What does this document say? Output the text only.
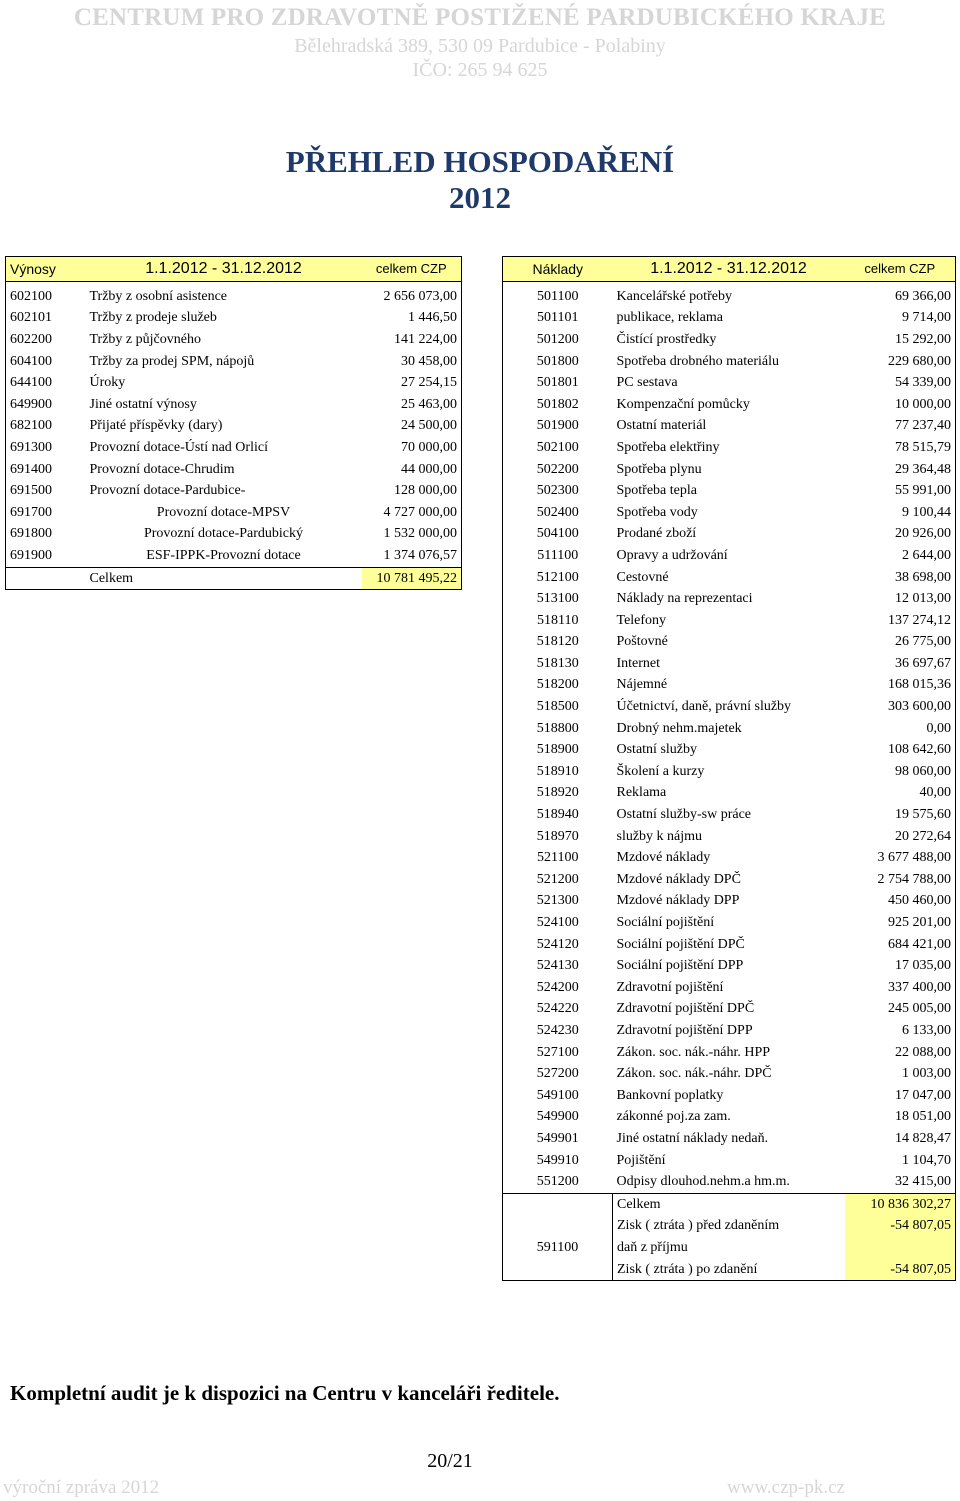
CENTRUM PRO ZDRAVOTNĚ POSTIŽENÉ PARDUBICKÉHO KRAJE
Bělehradská 389, 530 09 Pardubice - Polabiny
IČO: 265 94 625
PŘEHLED HOSPODAŘENÍ
2012
Výnosy	1.1.2012 - 31.12.2012	celkem CZP

602100	Tržby z osobní asistence	2 656 073,00
602101	Tržby z prodeje služeb	1 446,50
602200	Tržby z půjčovného	141 224,00
604100	Tržby za prodej SPM, nápojů	30 458,00
644100	Úroky	27 254,15
649900	Jiné ostatní výnosy	25 463,00
682100	Přijaté příspěvky (dary)	24 500,00
691300	Provozní dotace-Ústí nad Orlicí	70 000,00
691400	Provozní dotace-Chrudim	44 000,00
691500	Provozní dotace-Pardubice-	128 000,00
691700	Provozní dotace-MPSV	4 727 000,00
691800	Provozní dotace-Pardubický	1 532 000,00
691900	ESF-IPPK-Provozní dotace	1 374 076,57
	Celkem	10 781 495,22
Náklady	1.1.2012 - 31.12.2012	celkem CZP

501100	Kancelářské potřeby	69 366,00
501101	publikace, reklama	9 714,00
501200	Čistící prostředky	15 292,00
501800	Spotřeba drobného materiálu	229 680,00
501801	PC sestava	54 339,00
501802	Kompenzační pomůcky	10 000,00
501900	Ostatní materiál	77 237,40
502100	Spotřeba elektřiny	78 515,79
502200	Spotřeba plynu	29 364,48
502300	Spotřeba tepla	55 991,00
502400	Spotřeba vody	9 100,44
504100	Prodané zboží	20 926,00
511100	Opravy a udržování	2 644,00
512100	Cestovné	38 698,00
513100	Náklady na reprezentaci	12 013,00
518110	Telefony	137 274,12
518120	Poštovné	26 775,00
518130	Internet	36 697,67
518200	Nájemné	168 015,36
518500	Účetnictví, daně, právní služby	303 600,00
518800	Drobný nehm.majetek	0,00
518900	Ostatní služby	108 642,60
518910	Školení a kurzy	98 060,00
518920	Reklama	40,00
518940	Ostatní služby-sw práce	19 575,60
518970	služby k nájmu	20 272,64
521100	Mzdové náklady	3 677 488,00
521200	Mzdové náklady DPČ	2 754 788,00
521300	Mzdové náklady DPP	450 460,00
524100	Sociální pojištění	925 201,00
524120	Sociální pojištění DPČ	684 421,00
524130	Sociální pojištění DPP	17 035,00
524200	Zdravotní pojištění	337 400,00
524220	Zdravotní pojištění DPČ	245 005,00
524230	Zdravotní pojištění DPP	6 133,00
527100	Zákon. soc. nák.-náhr. HPP	22 088,00
527200	Zákon. soc. nák.-náhr. DPČ	1 003,00
549100	Bankovní poplatky	17 047,00
549900	zákonné poj.za zam.	18 051,00
549901	Jiné ostatní náklady nedaň.	14 828,47
549910	Pojištění	1 104,70
551200	Odpisy dlouhod.nehm.a hm.m.	32 415,00
	Celkem	10 836 302,27
	Zisk ( ztráta ) před zdaněním	-54 807,05
591100	daň z příjmu	
	Zisk ( ztráta ) po zdanění	-54 807,05
Kompletní audit je k dispozici na Centru v kanceláři ředitele.
20/21
výroční zpráva 2012	www.czp-pk.cz
